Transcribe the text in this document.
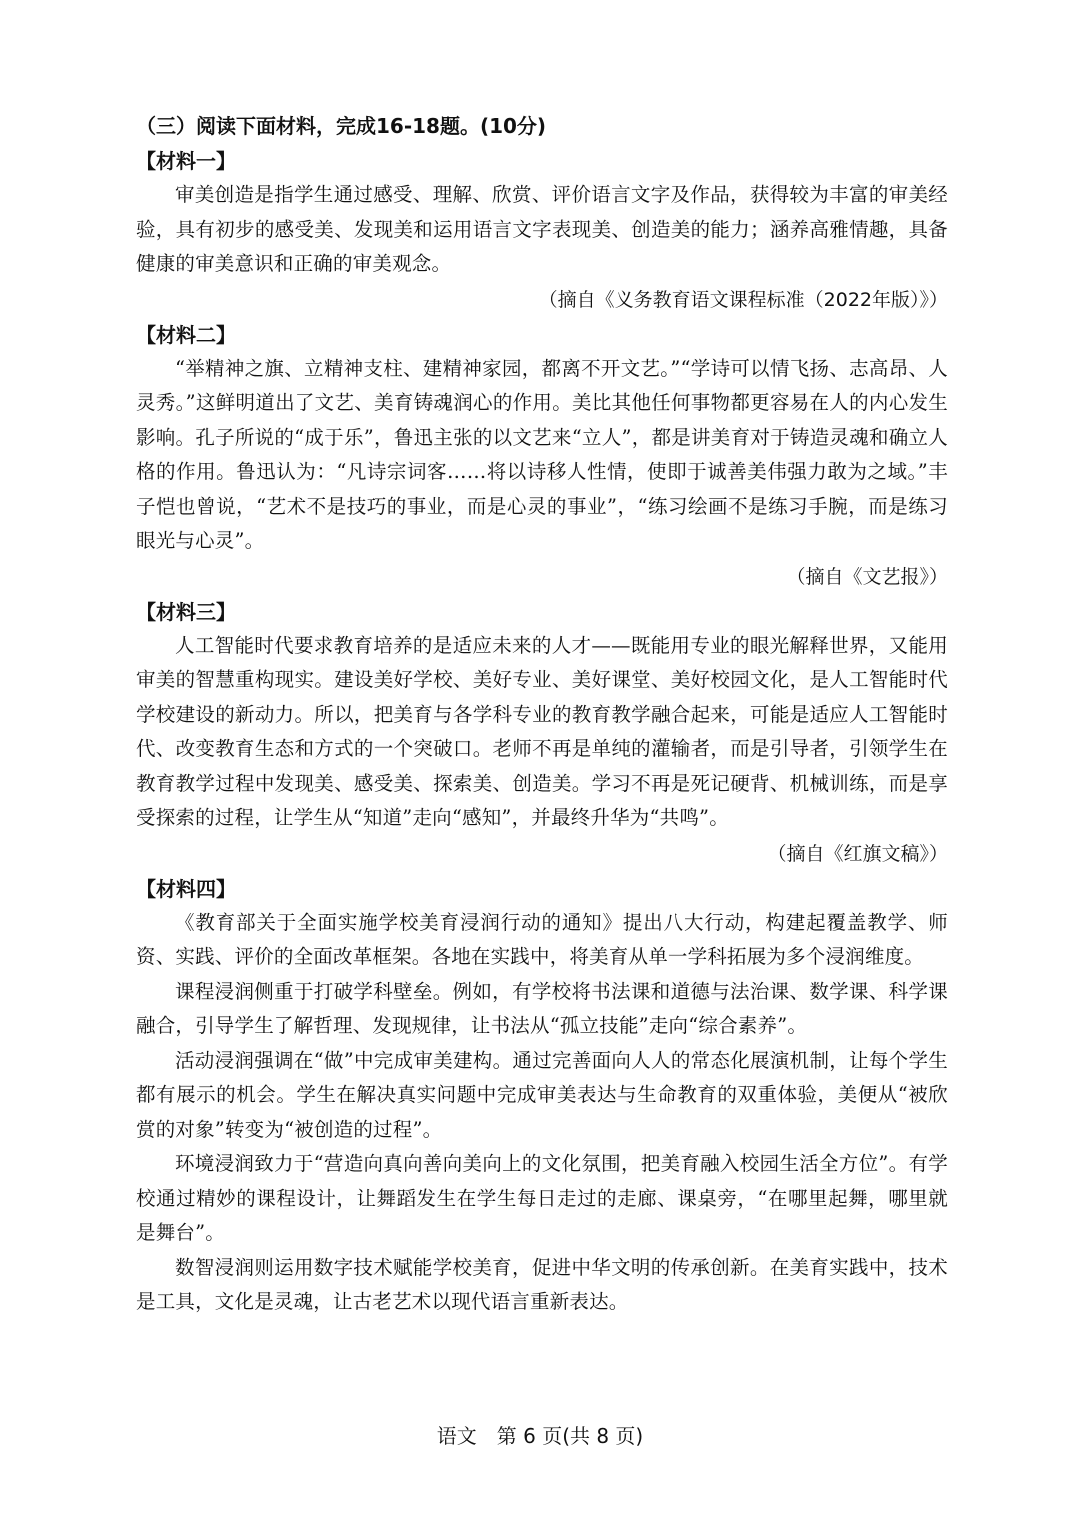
（三）阅读下面材料，完成16-18题。(10分)

【材料一】

审美创造是指学生通过感受、理解、欣赏、评价语言文字及作品，获得较为丰富的审美经验，具有初步的感受美、发现美和运用语言文字表现美、创造美的能力；涵养高雅情趣，具备健康的审美意识和正确的审美观念。

（摘自《义务教育语文课程标准（2022年版）》）

【材料二】

“举精神之旗、立精神支柱、建精神家园，都离不开文艺。”“学诗可以情飞扬、志高昂、人灵秀。”这鲜明道出了文艺、美育铸魂润心的作用。美比其他任何事物都更容易在人的内心发生影响。孔子所说的“成于乐”，鲁迅主张的以文艺来“立人”，都是讲美育对于铸造灵魂和确立人格的作用。鲁迅认为：“凡诗宗词客……将以诗移人性情，使即于诚善美伟强力敢为之域。”丰子恺也曾说，“艺术不是技巧的事业，而是心灵的事业”，“练习绘画不是练习手腕，而是练习眼光与心灵”。

（摘自《文艺报》）

【材料三】

人工智能时代要求教育培养的是适应未来的人才——既能用专业的眼光解释世界，又能用审美的智慧重构现实。建设美好学校、美好专业、美好课堂、美好校园文化，是人工智能时代学校建设的新动力。所以，把美育与各学科专业的教育教学融合起来，可能是适应人工智能时代、改变教育生态和方式的一个突破口。老师不再是单纯的灌输者，而是引导者，引领学生在教育教学过程中发现美、感受美、探索美、创造美。学习不再是死记硬背、机械训练，而是享受探索的过程，让学生从“知道”走向“感知”，并最终升华为“共鸣”。

（摘自《红旗文稿》）

【材料四】

《教育部关于全面实施学校美育浸润行动的通知》提出八大行动，构建起覆盖教学、师资、实践、评价的全面改革框架。各地在实践中，将美育从单一学科拓展为多个浸润维度。

课程浸润侧重于打破学科壁垒。例如，有学校将书法课和道德与法治课、数学课、科学课融合，引导学生了解哲理、发现规律，让书法从“孤立技能”走向“综合素养”。

活动浸润强调在“做”中完成审美建构。通过完善面向人人的常态化展演机制，让每个学生都有展示的机会。学生在解决真实问题中完成审美表达与生命教育的双重体验，美便从“被欣赏的对象”转变为“被创造的过程”。

环境浸润致力于“营造向真向善向美向上的文化氛围，把美育融入校园生活全方位”。有学校通过精妙的课程设计，让舞蹈发生在学生每日走过的走廊、课桌旁，“在哪里起舞，哪里就是舞台”。

数智浸润则运用数字技术赋能学校美育，促进中华文明的传承创新。在美育实践中，技术是工具，文化是灵魂，让古老艺术以现代语言重新表达。

语文　第 6 页(共 8 页)
